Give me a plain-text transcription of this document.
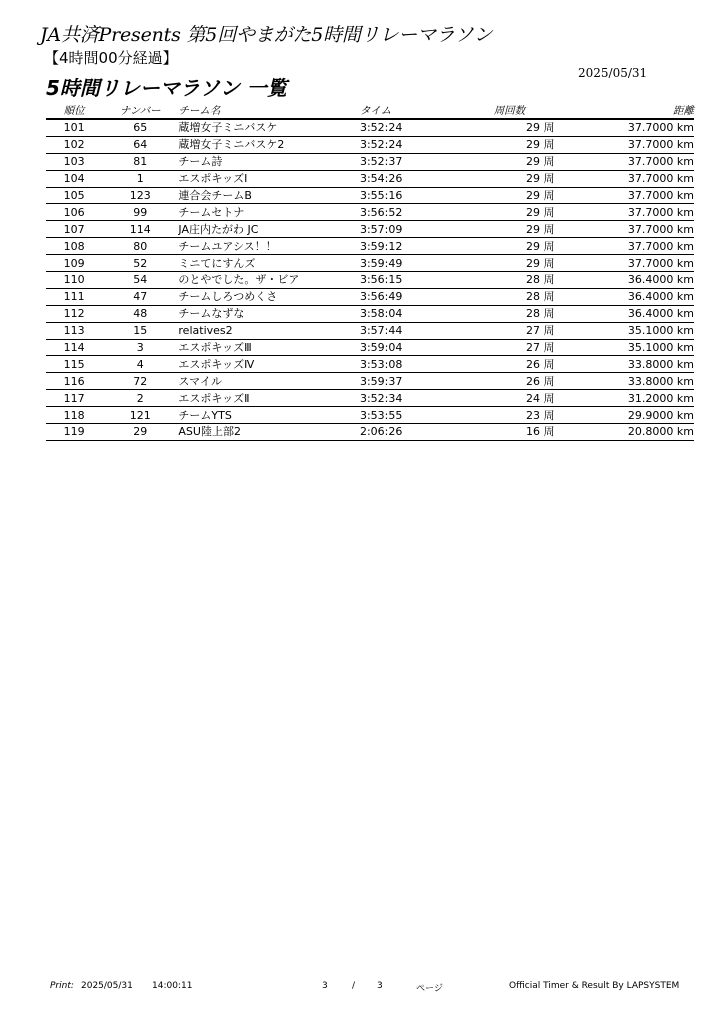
JA共済Presents 第5回やまがた5時間リレーマラソン
【4時間00分経過】
5時間リレーマラソン 一覧
2025/05/31
順位	ナンバー	チーム名	タイム	周回数	距離
101	65	蔵増女子ミニバスケ	3:52:24	29 周	37.7000 km
102	64	蔵増女子ミニバスケ2	3:52:24	29 周	37.7000 km
103	81	チーム詩	3:52:37	29 周	37.7000 km
104	1	エスポキッズⅠ	3:54:26	29 周	37.7000 km
105	123	連合会チームB	3:55:16	29 周	37.7000 km
106	99	チームセトナ	3:56:52	29 周	37.7000 km
107	114	JA庄内たがわ JC	3:57:09	29 周	37.7000 km
108	80	チームユアシス！！	3:59:12	29 周	37.7000 km
109	52	ミニてにすんズ	3:59:49	29 周	37.7000 km
110	54	のとやでした。ザ・ビア	3:56:15	28 周	36.4000 km
111	47	チームしろつめくさ	3:56:49	28 周	36.4000 km
112	48	チームなずな	3:58:04	28 周	36.4000 km
113	15	relatives2	3:57:44	27 周	35.1000 km
114	3	エスポキッズⅢ	3:59:04	27 周	35.1000 km
115	4	エスポキッズⅣ	3:53:08	26 周	33.8000 km
116	72	スマイル	3:59:37	26 周	33.8000 km
117	2	エスポキッズⅡ	3:52:34	24 周	31.2000 km
118	121	チームYTS	3:53:55	23 周	29.9000 km
119	29	ASU陸上部2	2:06:26	16 周	20.8000 km
Print: 2025/05/31 14:00:11	3	/ 3	ページ	Official Timer & Result By LAPSYSTEM
